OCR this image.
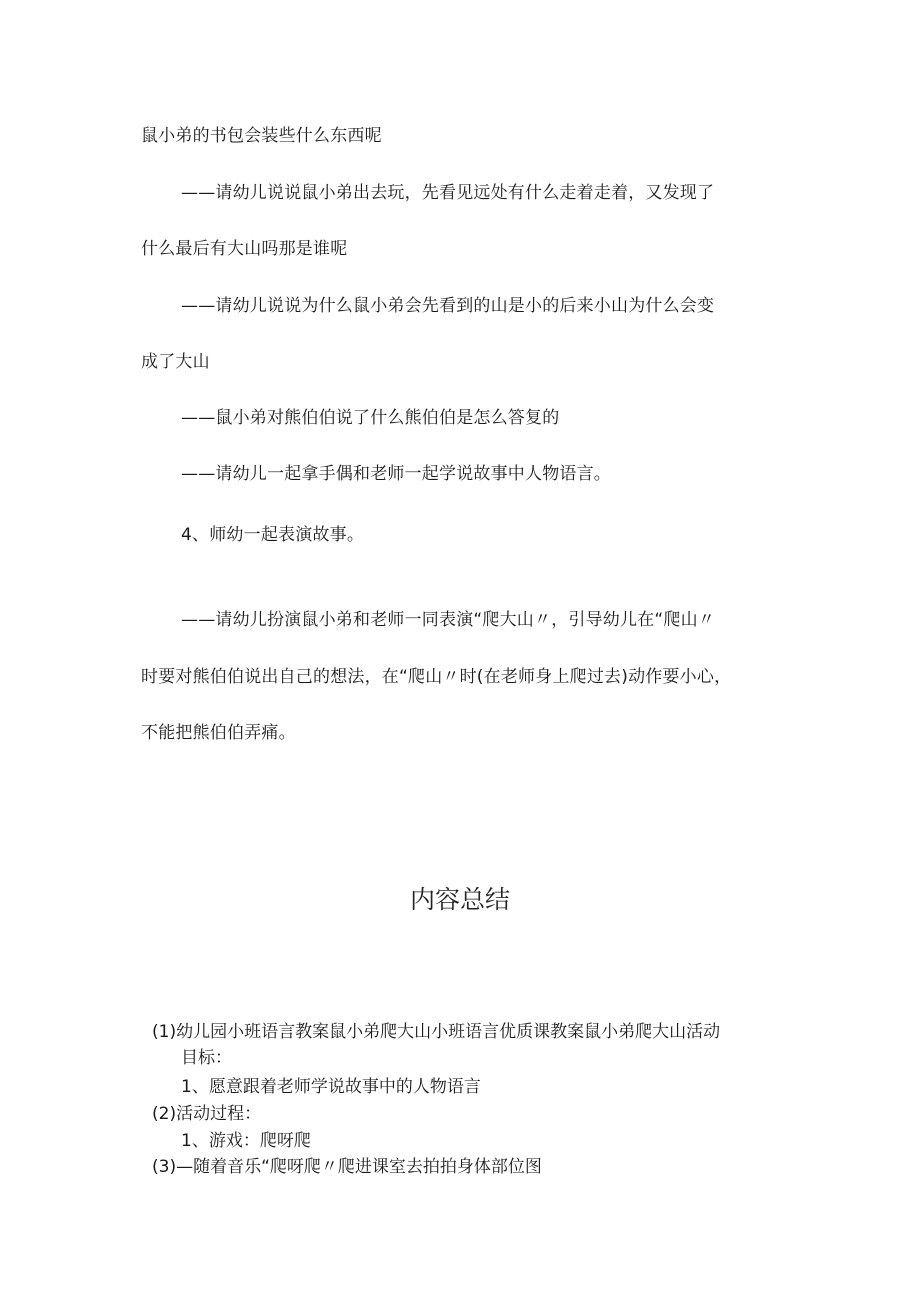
鼠小弟的书包会装些什么东西呢
——请幼儿说说鼠小弟出去玩，先看见远处有什么走着走着，又发现了
什么最后有大山吗那是谁呢
——请幼儿说说为什么鼠小弟会先看到的山是小的后来小山为什么会变
成了大山
——鼠小弟对熊伯伯说了什么熊伯伯是怎么答复的
——请幼儿一起拿手偶和老师一起学说故事中人物语言。
4、师幼一起表演故事。
——请幼儿扮演鼠小弟和老师一同表演“爬大山〃，引导幼儿在“爬山〃
时要对熊伯伯说出自己的想法，在“爬山〃时(在老师身上爬过去)动作要小心，
不能把熊伯伯弄痛。
内容总结
(1)幼儿园小班语言教案鼠小弟爬大山小班语言优质课教案鼠小弟爬大山活动
目标：
1、愿意跟着老师学说故事中的人物语言
(2)活动过程：
1、游戏：爬呀爬
(3)—随着音乐“爬呀爬〃爬进课室去拍拍身体部位图
